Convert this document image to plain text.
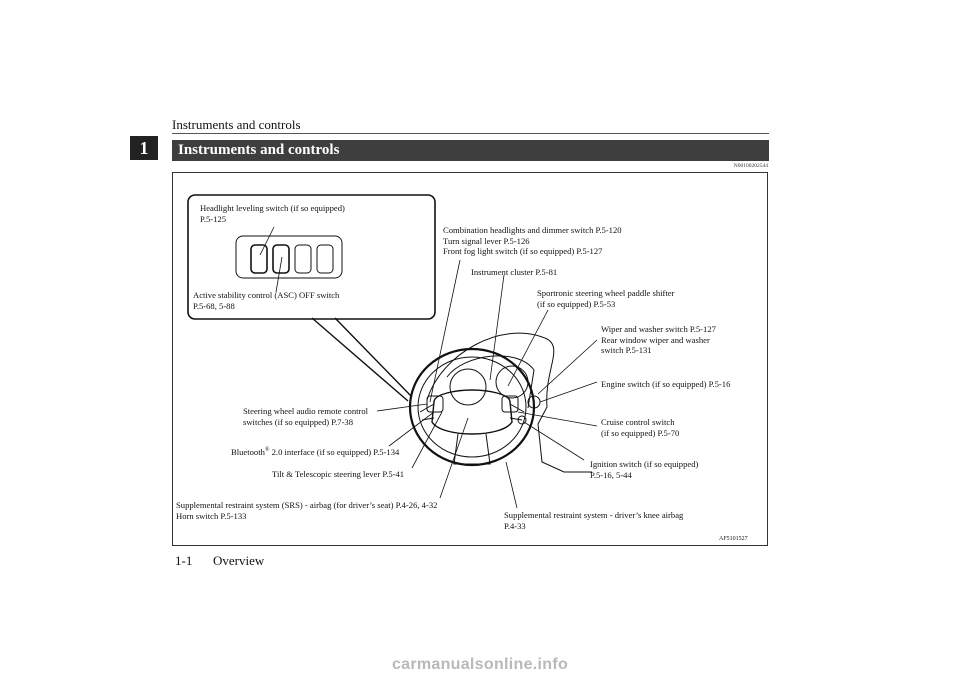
Instruments and controls
1	Instruments and controls
N00100202544
Headlight leveling switch (if so equipped)
P.5-125
Active stability control (ASC) OFF switch
P.5-68, 5-88
Combination headlights and dimmer switch P.5-120
Turn signal lever P.5-126
Front fog light switch (if so equipped) P.5-127
Instrument cluster P.5-81
Sportronic steering wheel paddle shifter
(if so equipped) P.5-53
Wiper and washer switch P.5-127
Rear window wiper and washer
switch P.5-131
Engine switch (if so equipped) P.5-16
Steering wheel audio remote control
switches (if so equipped) P.7-38
Bluetooth® 2.0 interface (if so equipped) P.5-134
Cruise control switch
(if so equipped) P.5-70
Tilt & Telescopic steering lever P.5-41
Ignition switch (if so equipped)
P.5-16, 5-44
Supplemental restraint system (SRS) - airbag (for driver’s seat) P.4-26, 4-32
Horn switch P.5-133	Supplemental restraint system - driver’s knee airbag
P.4-33
AF5101527
1-1 Overview
carmanualsonline.info
